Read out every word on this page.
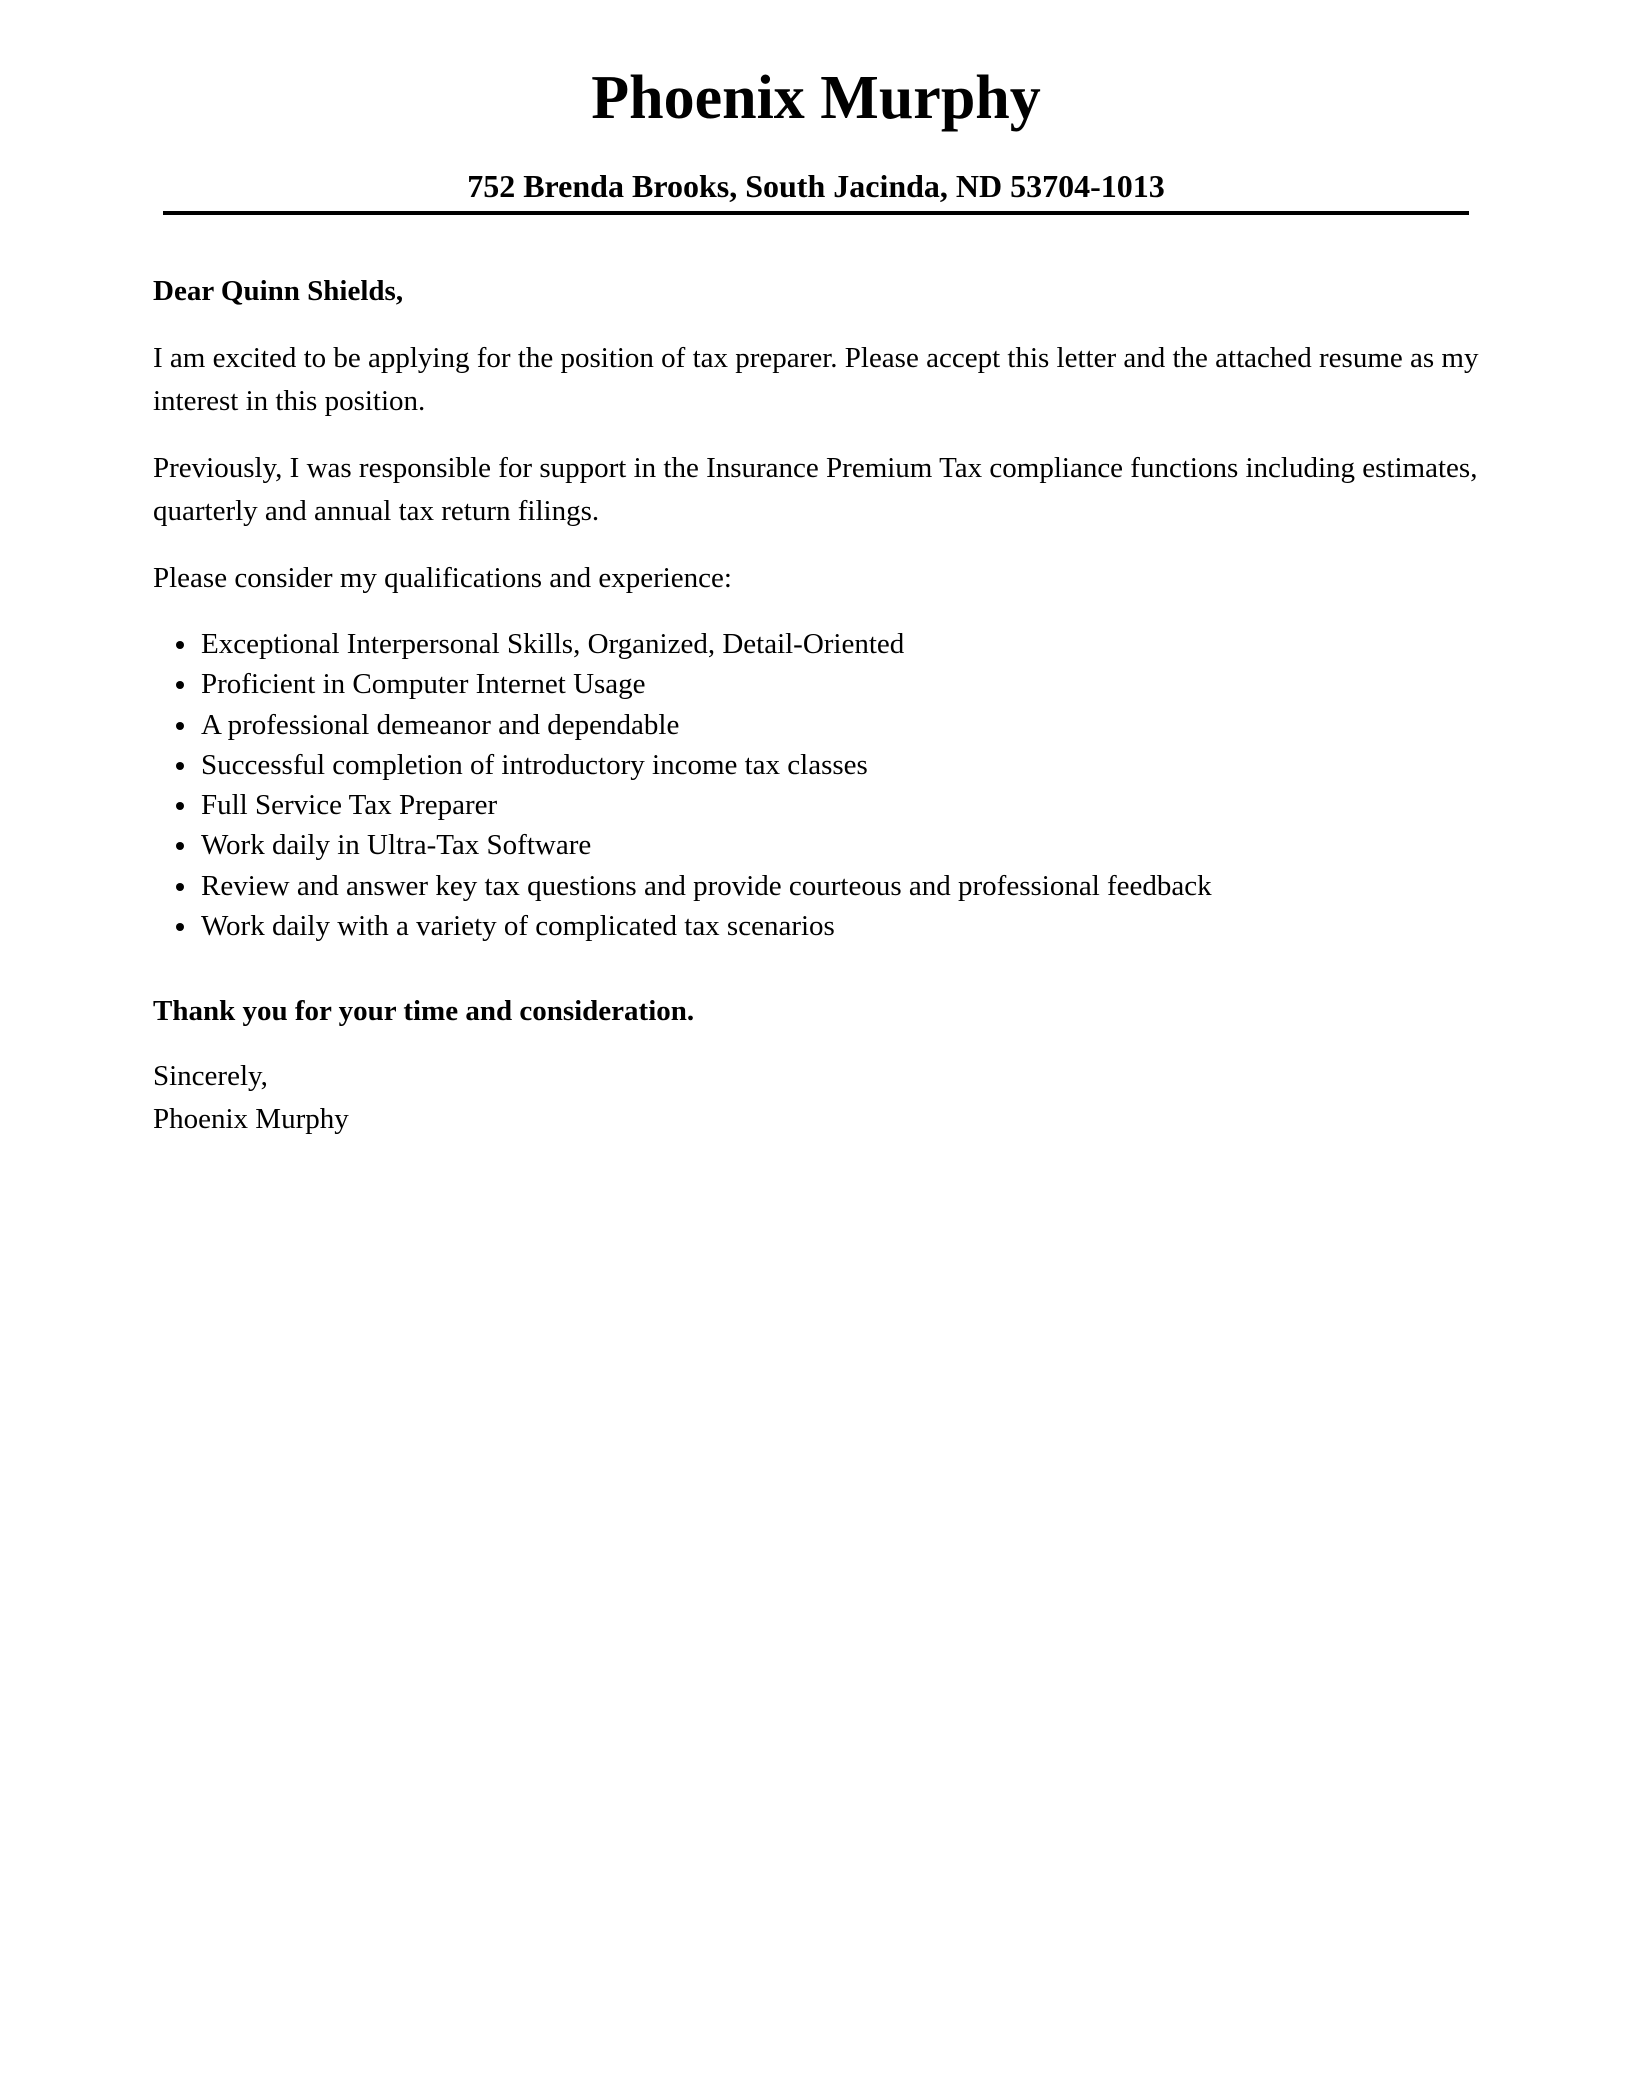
Phoenix Murphy
752 Brenda Brooks, South Jacinda, ND 53704-1013

Dear Quinn Shields,

I am excited to be applying for the position of tax preparer. Please accept this letter and the attached resume as my interest in this position.

Previously, I was responsible for support in the Insurance Premium Tax compliance functions including estimates, quarterly and annual tax return filings.

Please consider my qualifications and experience:

Exceptional Interpersonal Skills, Organized, Detail-Oriented
Proficient in Computer Internet Usage
A professional demeanor and dependable
Successful completion of introductory income tax classes
Full Service Tax Preparer
Work daily in Ultra-Tax Software
Review and answer key tax questions and provide courteous and professional feedback
Work daily with a variety of complicated tax scenarios

Thank you for your time and consideration.

Sincerely,
Phoenix Murphy
